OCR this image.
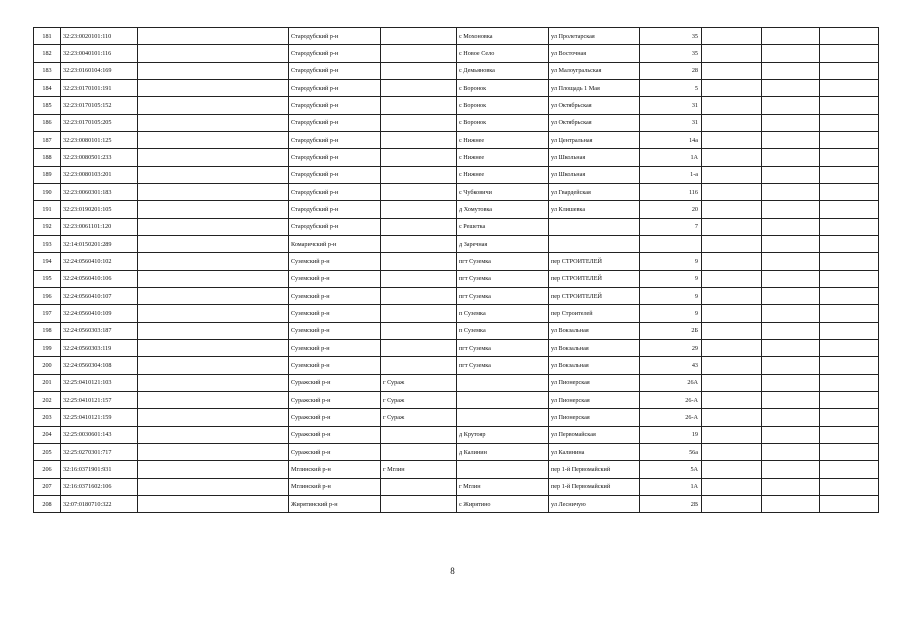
181	32:23:0020101:110		Стародубский р-н		с Мохоновка	ул Пролетарская	35			
182	32:23:0040101:116		Стародубский р-н		с Новое Село	ул Восточная	35			
183	32:23:0160104:169		Стародубский р-н		с Демьяновка	ул Малоугральская	28			
184	32:23:0170101:191		Стародубский р-н		с Воронок	ул Площадь 1 Мая	5			
185	32:23:0170105:152		Стародубский р-н		с Воронок	ул Октябрьская	31			
186	32:23:0170105:205		Стародубский р-н		с Воронок	ул Октябрьская	31			
187	32:23:0080101:125		Стародубский р-н		с Нижнее	ул Центральная	14а			
188	32:23:0080501:233		Стародубский р-н		с Нижнее	ул Школьная	1А			
189	32:23:0080103:201		Стародубский р-н		с Нижнее	ул Школьная	1-а			
190	32:23:0060301:183		Стародубский р-н		с Чубковичи	ул Гвардейская	116			
191	32:23:0190201:105		Стародубский р-н		д Хомутовка	ул Клишевка	20			
192	32:23:0061101:120		Стародубский р-н		с Решетка		7			
193	32:14:0150201:289		Комаричский р-н		д Заречная					
194	32:24:0560410:102		Суземский р-н		пгт Суземка	пер СТРОИТЕЛЕЙ	9			
195	32:24:0560410:106		Суземский р-н		пгт Суземка	пер СТРОИТЕЛЕЙ	9			
196	32:24:0560410:107		Суземский р-н		пгт Суземка	пер СТРОИТЕЛЕЙ	9			
197	32:24:0560410:109		Суземский р-н		п Суземка	пер Строителей	9			
198	32:24:0560303:187		Суземский р-н		п Суземка	ул Вокзальная	2Б			
199	32:24:0560303:119		Суземский р-н		пгт Суземка	ул Вокзальная	29			
200	32:24:0560304:108		Суземский р-н		пгт Суземка	ул Вокзальная	43			
201	32:25:0410121:103		Суражский р-н	г Сураж		ул Пионерская	26А			
202	32:25:0410121:157		Суражский р-н	г Сураж		ул Пионерская	26-А			
203	32:25:0410121:159		Суражский р-н	г Сураж		ул Пионерская	26-А			
204	32:25:0030601:143		Суражский р-н		д Крутояр	ул Первомайская	19			
205	32:25:0270301:717		Суражский р-н		д Калинин	ул Калинина	56а			
206	32:16:0371901:931		Мглинский р-н	г Мглин		пер 1-й Первомайский	5А			
207	32:16:0371602:106		Мглинский р-н		г Мглин	пер 1-й Первомайский	1А			
208	32:07:0180710:322		Жирятинский р-н		с Жирятино	ул Лесничую	2В			
8
